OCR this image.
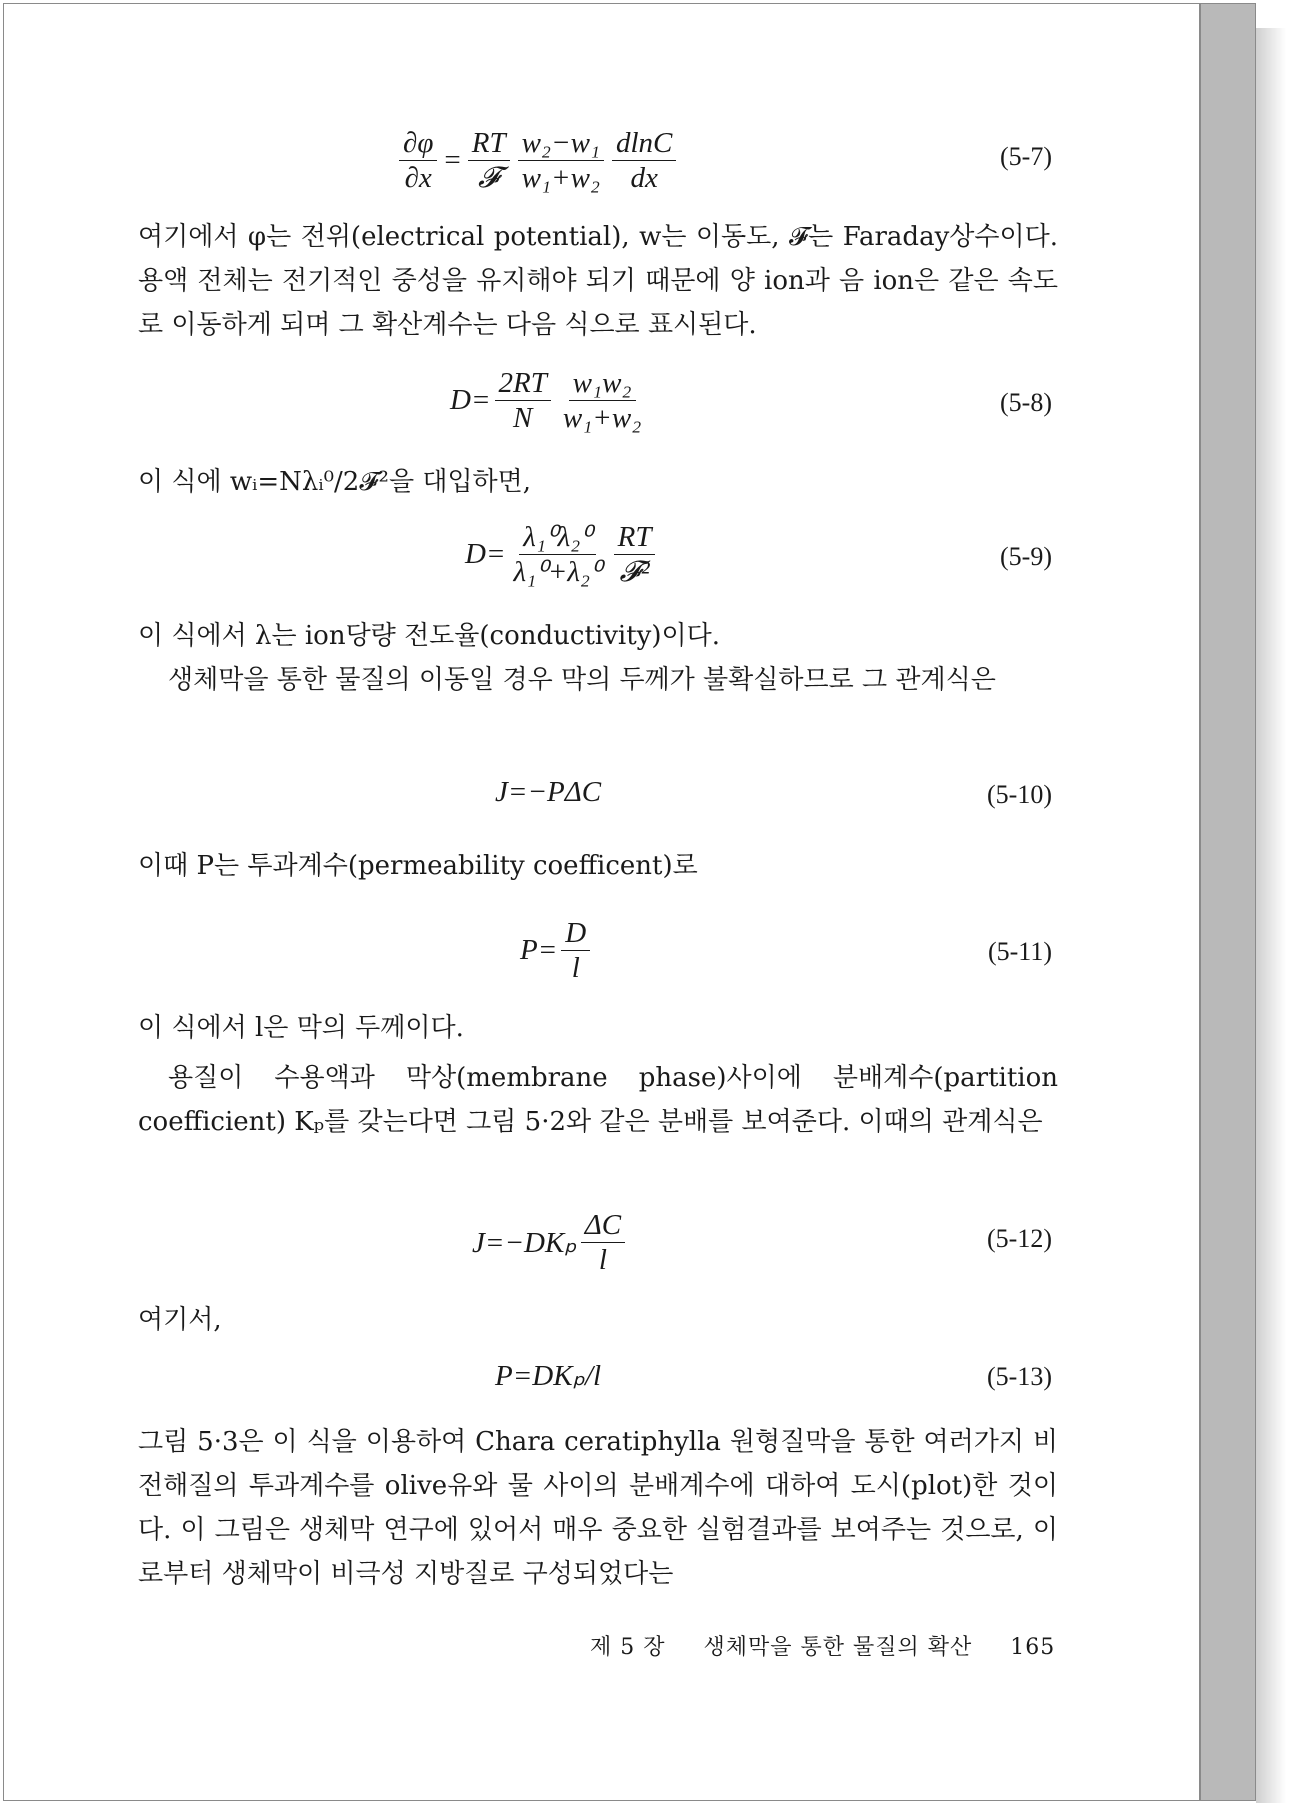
$\frac{\partial\varphi}{\partial x} = \frac{RT}{\text{𝓕}} \frac{\text{w₂−w₁}}{\text{w₁+w₂}} \frac{dlnC}{dx}$	(5-7)

여기에서 φ는 전위(electrical potential), w는 이동도, 𝓕는 Faraday상수이다. 용액 전체는 전기적인 중성을 유지해야 되기 때문에 양 ion과 음 ion은 같은 속도로 이동하게 되며 그 확산계수는 다음 식으로 표시된다.

$D= \frac{2RT}{N} \frac{\text{w₁w₂}}{\text{w₁+w₂}}$	(5-8)

이 식에 wᵢ=Nλᵢ⁰/2𝓕²을 대입하면,

$D= \frac{\text{λ₁⁰λ₂⁰}}{\text{λ₁⁰+λ₂⁰}} \frac{RT}{\text{𝓕²}}$	(5-9)

이 식에서 λ는 ion당량 전도율(conductivity)이다.

생체막을 통한 물질의 이동일 경우 막의 두께가 불확실하므로 그 관계식은

J=−PΔC	(5-10)

이때 P는 투과계수(permeability coefficent)로

$P= \frac{D}{l}$	(5-11)

이 식에서 l은 막의 두께이다.

용질이 수용액과 막상(membrane phase)사이에 분배계수(partition coefficient) Kₚ를 갖는다면 그림 5·2와 같은 분배를 보여준다. 이때의 관계식은

$J=-DK_p \frac{\Delta C}{l}$	(5-12)

여기서,

P=DKₚ/l	(5-13)

그림 5·3은 이 식을 이용하여 Chara ceratiphylla 원형질막을 통한 여러가지 비전해질의 투과계수를 olive유와 물 사이의 분배계수에 대하여 도시(plot)한 것이다. 이 그림은 생체막 연구에 있어서 매우 중요한 실험결과를 보여주는 것으로, 이로부터 생체막이 비극성 지방질로 구성되었다는

제 5 장 생체막을 통한 물질의 확산 165
